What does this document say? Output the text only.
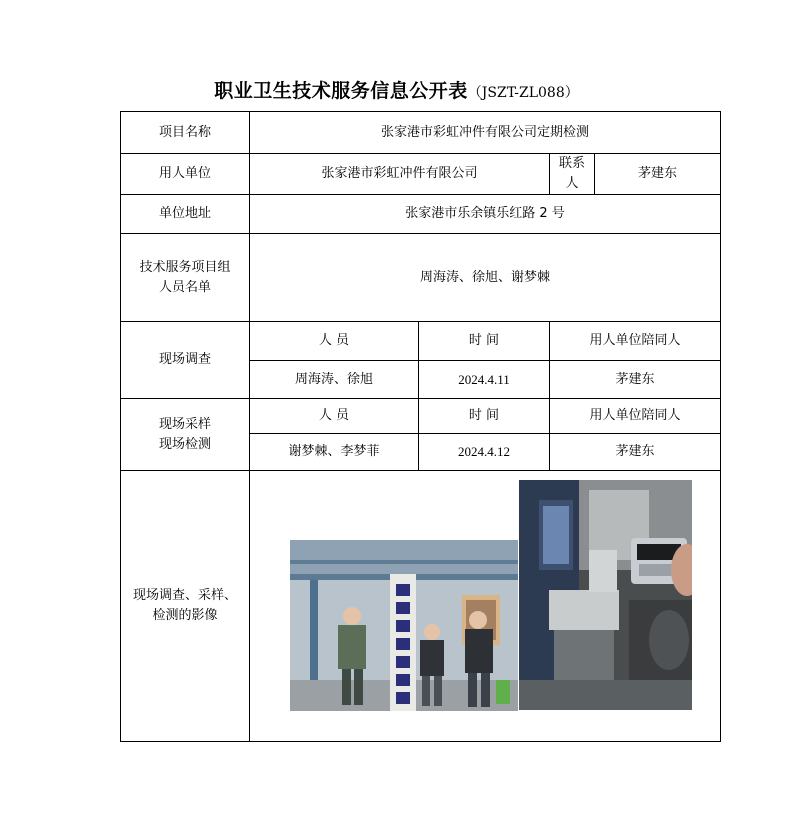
职业卫生技术服务信息公开表（JSZT-ZL088）
项目名称	张家港市彩虹冲件有限公司定期检测			
用人单位	张家港市彩虹冲件有限公司		联系人	茅建东
单位地址	张家港市乐余镇乐红路 2 号			

技术服务项目组
人员名单	周海涛、徐旭、谢梦棘			
现场调查	人 员	时 间	用人单位陪同人	
	周海涛、徐旭	2024.4.11	茅建东	

现场采样
现场检测	人 员	时 间	用人单位陪同人	
	谢梦棘、李梦菲	2024.4.12	茅建东	

现场调查、采样、
检测的影像
